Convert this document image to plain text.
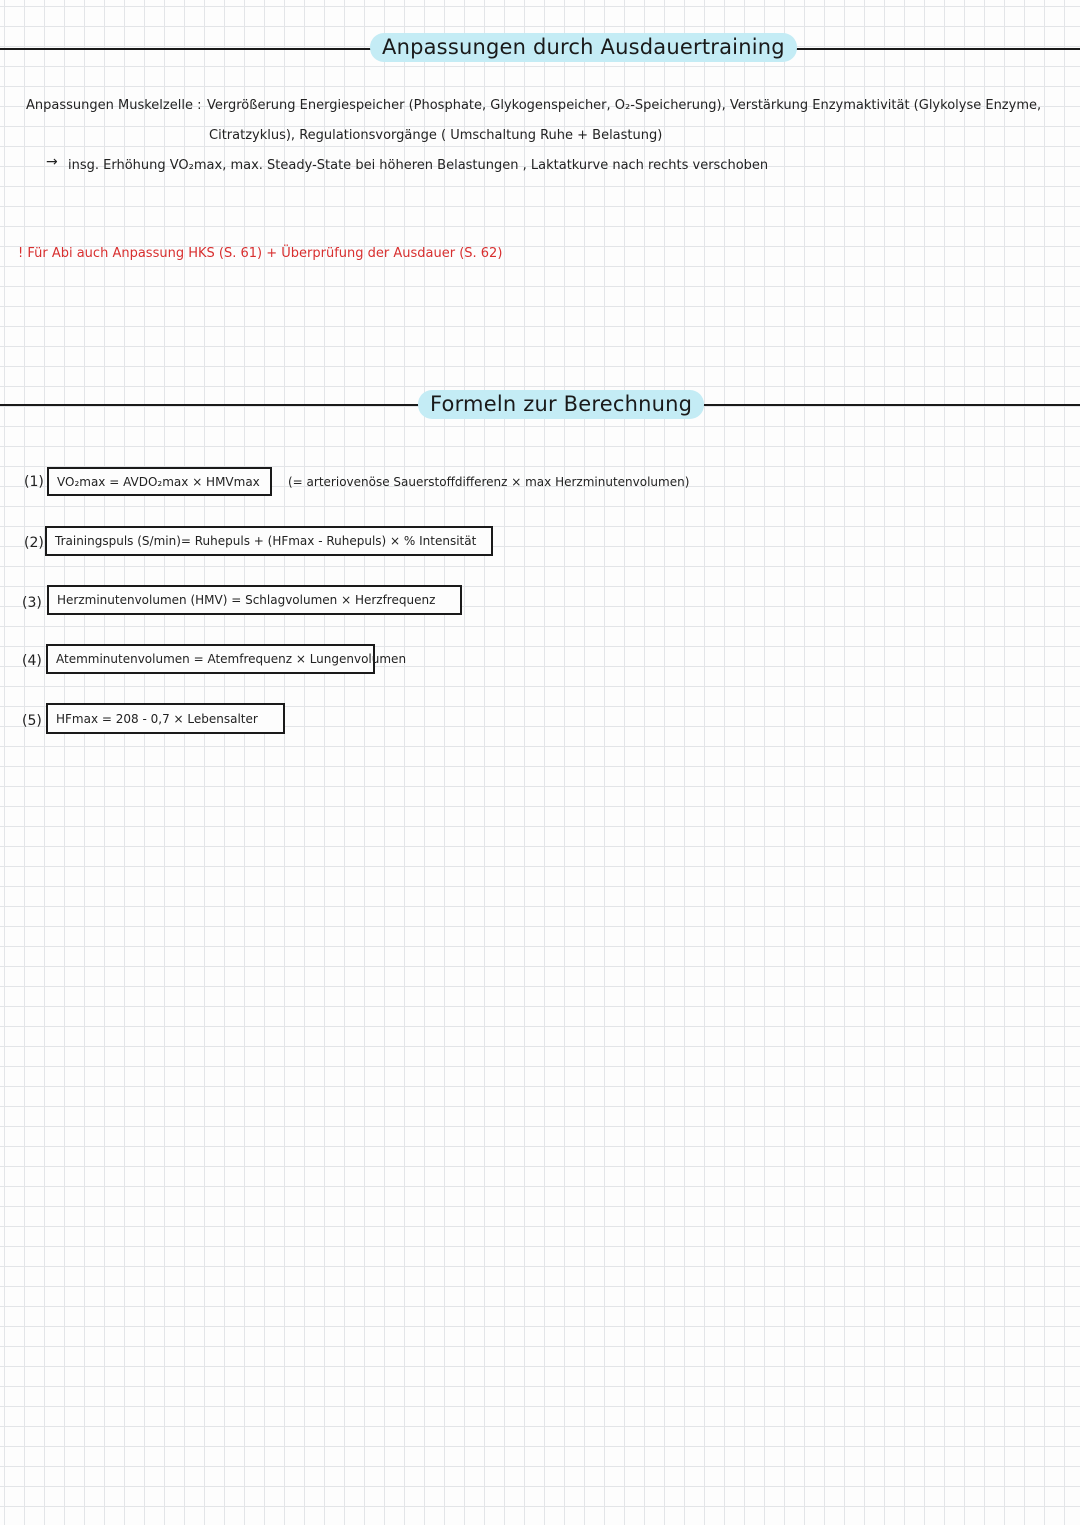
Anpassungen durch Ausdauertraining
Anpassungen Muskelzelle : Vergrößerung Energiespeicher (Phosphate, Glykogenspeicher, O₂-Speicherung), Verstärkung Enzymaktivität (Glykolyse Enzyme,
Citratzyklus), Regulationsvorgänge ( Umschaltung Ruhe + Belastung)
→ insg. Erhöhung VO₂max, max. Steady-State bei höheren Belastungen , Laktatkurve nach rechts verschoben
! Für Abi auch Anpassung HKS (S. 61) + Überprüfung der Ausdauer (S. 62)
Formeln zur Berechnung
(1) VO₂max = AVDO₂max × HMVmax (= arteriovenöse Sauerstoffdifferenz × max Herzminutenvolumen)
(2) Trainingspuls (S/min)= Ruhepuls + (HFmax - Ruhepuls) × % Intensität
(3) Herzminutenvolumen (HMV) = Schlagvolumen × Herzfrequenz
(4) Atemminutenvolumen = Atemfrequenz × Lungenvolumen
(5) HFmax = 208 - 0,7 × Lebensalter
